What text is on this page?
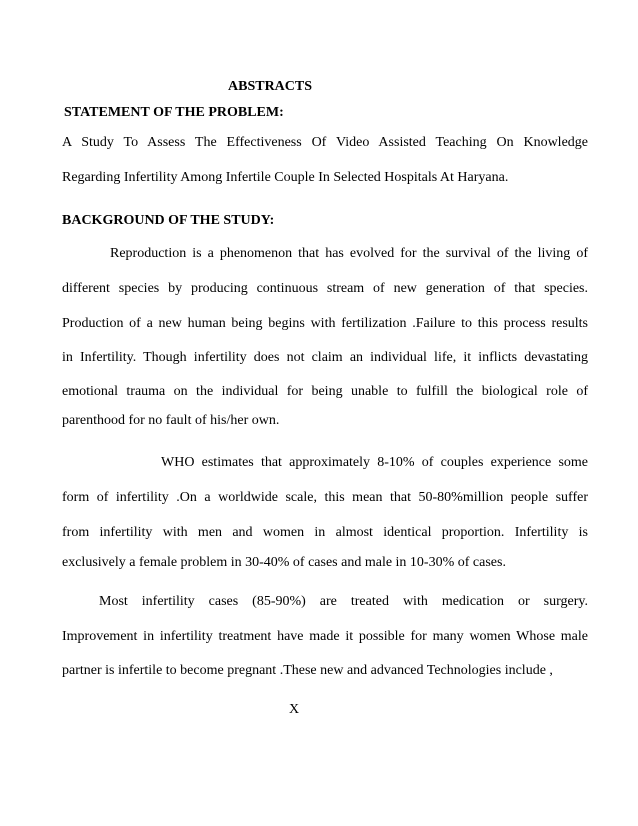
ABSTRACTS
STATEMENT OF THE PROBLEM:
A Study To Assess The Effectiveness Of Video Assisted Teaching On Knowledge
Regarding Infertility Among Infertile Couple In Selected Hospitals At Haryana.
BACKGROUND OF THE STUDY:
Reproduction is a phenomenon that has evolved for the survival of the living of
different species by producing continuous stream of new generation of that species.
Production of a new human being begins with fertilization .Failure to this process results
in Infertility. Though infertility does not claim an individual life, it inflicts devastating
emotional trauma on the individual for being unable to fulfill the biological role of
parenthood for no fault of his/her own.
WHO estimates that approximately 8-10% of couples experience some
form of infertility .On a worldwide scale, this mean that 50-80%million people suffer
from infertility with men and women in almost identical proportion. Infertility is
exclusively a female problem in 30-40% of cases and male in 10-30% of cases.
Most infertility cases (85-90%) are treated with medication or surgery.
Improvement in infertility treatment have made it possible for many women Whose male
partner is infertile to become pregnant .These new and advanced Technologies include ,
X
